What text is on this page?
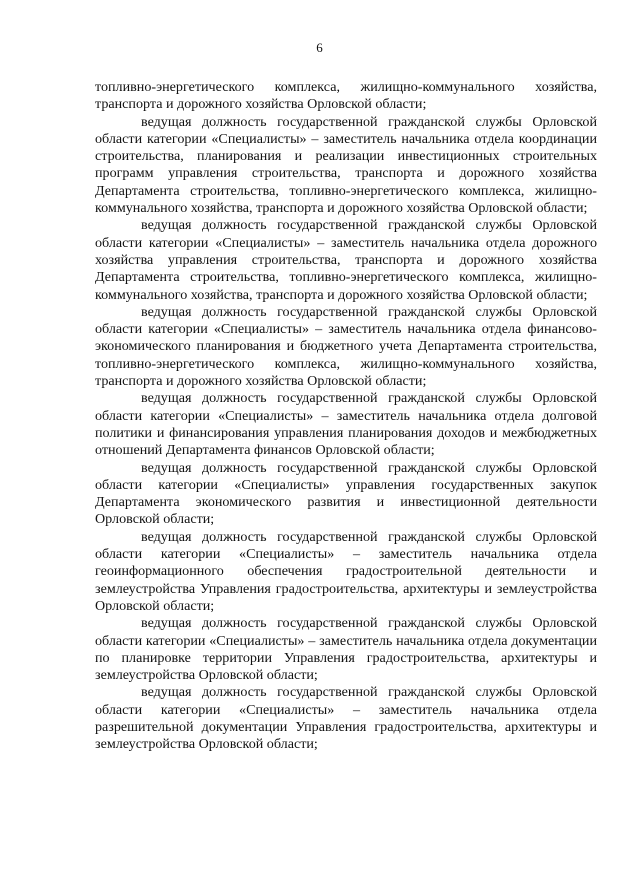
6

топливно-энергетического комплекса, жилищно-коммунального хозяйства, транспорта и дорожного хозяйства Орловской области;

ведущая должность государственной гражданской службы Орловской области категории «Специалисты» – заместитель начальника отдела координации строительства, планирования и реализации инвестиционных строительных программ управления строительства, транспорта и дорожного хозяйства Департамента строительства, топливно-энергетического комплекса, жилищно-коммунального хозяйства, транспорта и дорожного хозяйства Орловской области;

ведущая должность государственной гражданской службы Орловской области категории «Специалисты» – заместитель начальника отдела дорожного хозяйства управления строительства, транспорта и дорожного хозяйства Департамента строительства, топливно-энергетического комплекса, жилищно-коммунального хозяйства, транспорта и дорожного хозяйства Орловской области;

ведущая должность государственной гражданской службы Орловской области категории «Специалисты» – заместитель начальника отдела финансово-экономического планирования и бюджетного учета Департамента строительства, топливно-энергетического комплекса, жилищно-коммунального хозяйства, транспорта и дорожного хозяйства Орловской области;

ведущая должность государственной гражданской службы Орловской области категории «Специалисты» – заместитель начальника отдела долговой политики и финансирования управления планирования доходов и межбюджетных отношений Департамента финансов Орловской области;

ведущая должность государственной гражданской службы Орловской области категории «Специалисты» управления государственных закупок Департамента экономического развития и инвестиционной деятельности Орловской области;

ведущая должность государственной гражданской службы Орловской области категории «Специалисты» – заместитель начальника отдела геоинформационного обеспечения градостроительной деятельности и землеустройства Управления градостроительства, архитектуры и землеустройства Орловской области;

ведущая должность государственной гражданской службы Орловской области категории «Специалисты» – заместитель начальника отдела документации по планировке территории Управления градостроительства, архитектуры и землеустройства Орловской области;

ведущая должность государственной гражданской службы Орловской области категории «Специалисты» – заместитель начальника отдела разрешительной документации Управления градостроительства, архитектуры и землеустройства Орловской области;
